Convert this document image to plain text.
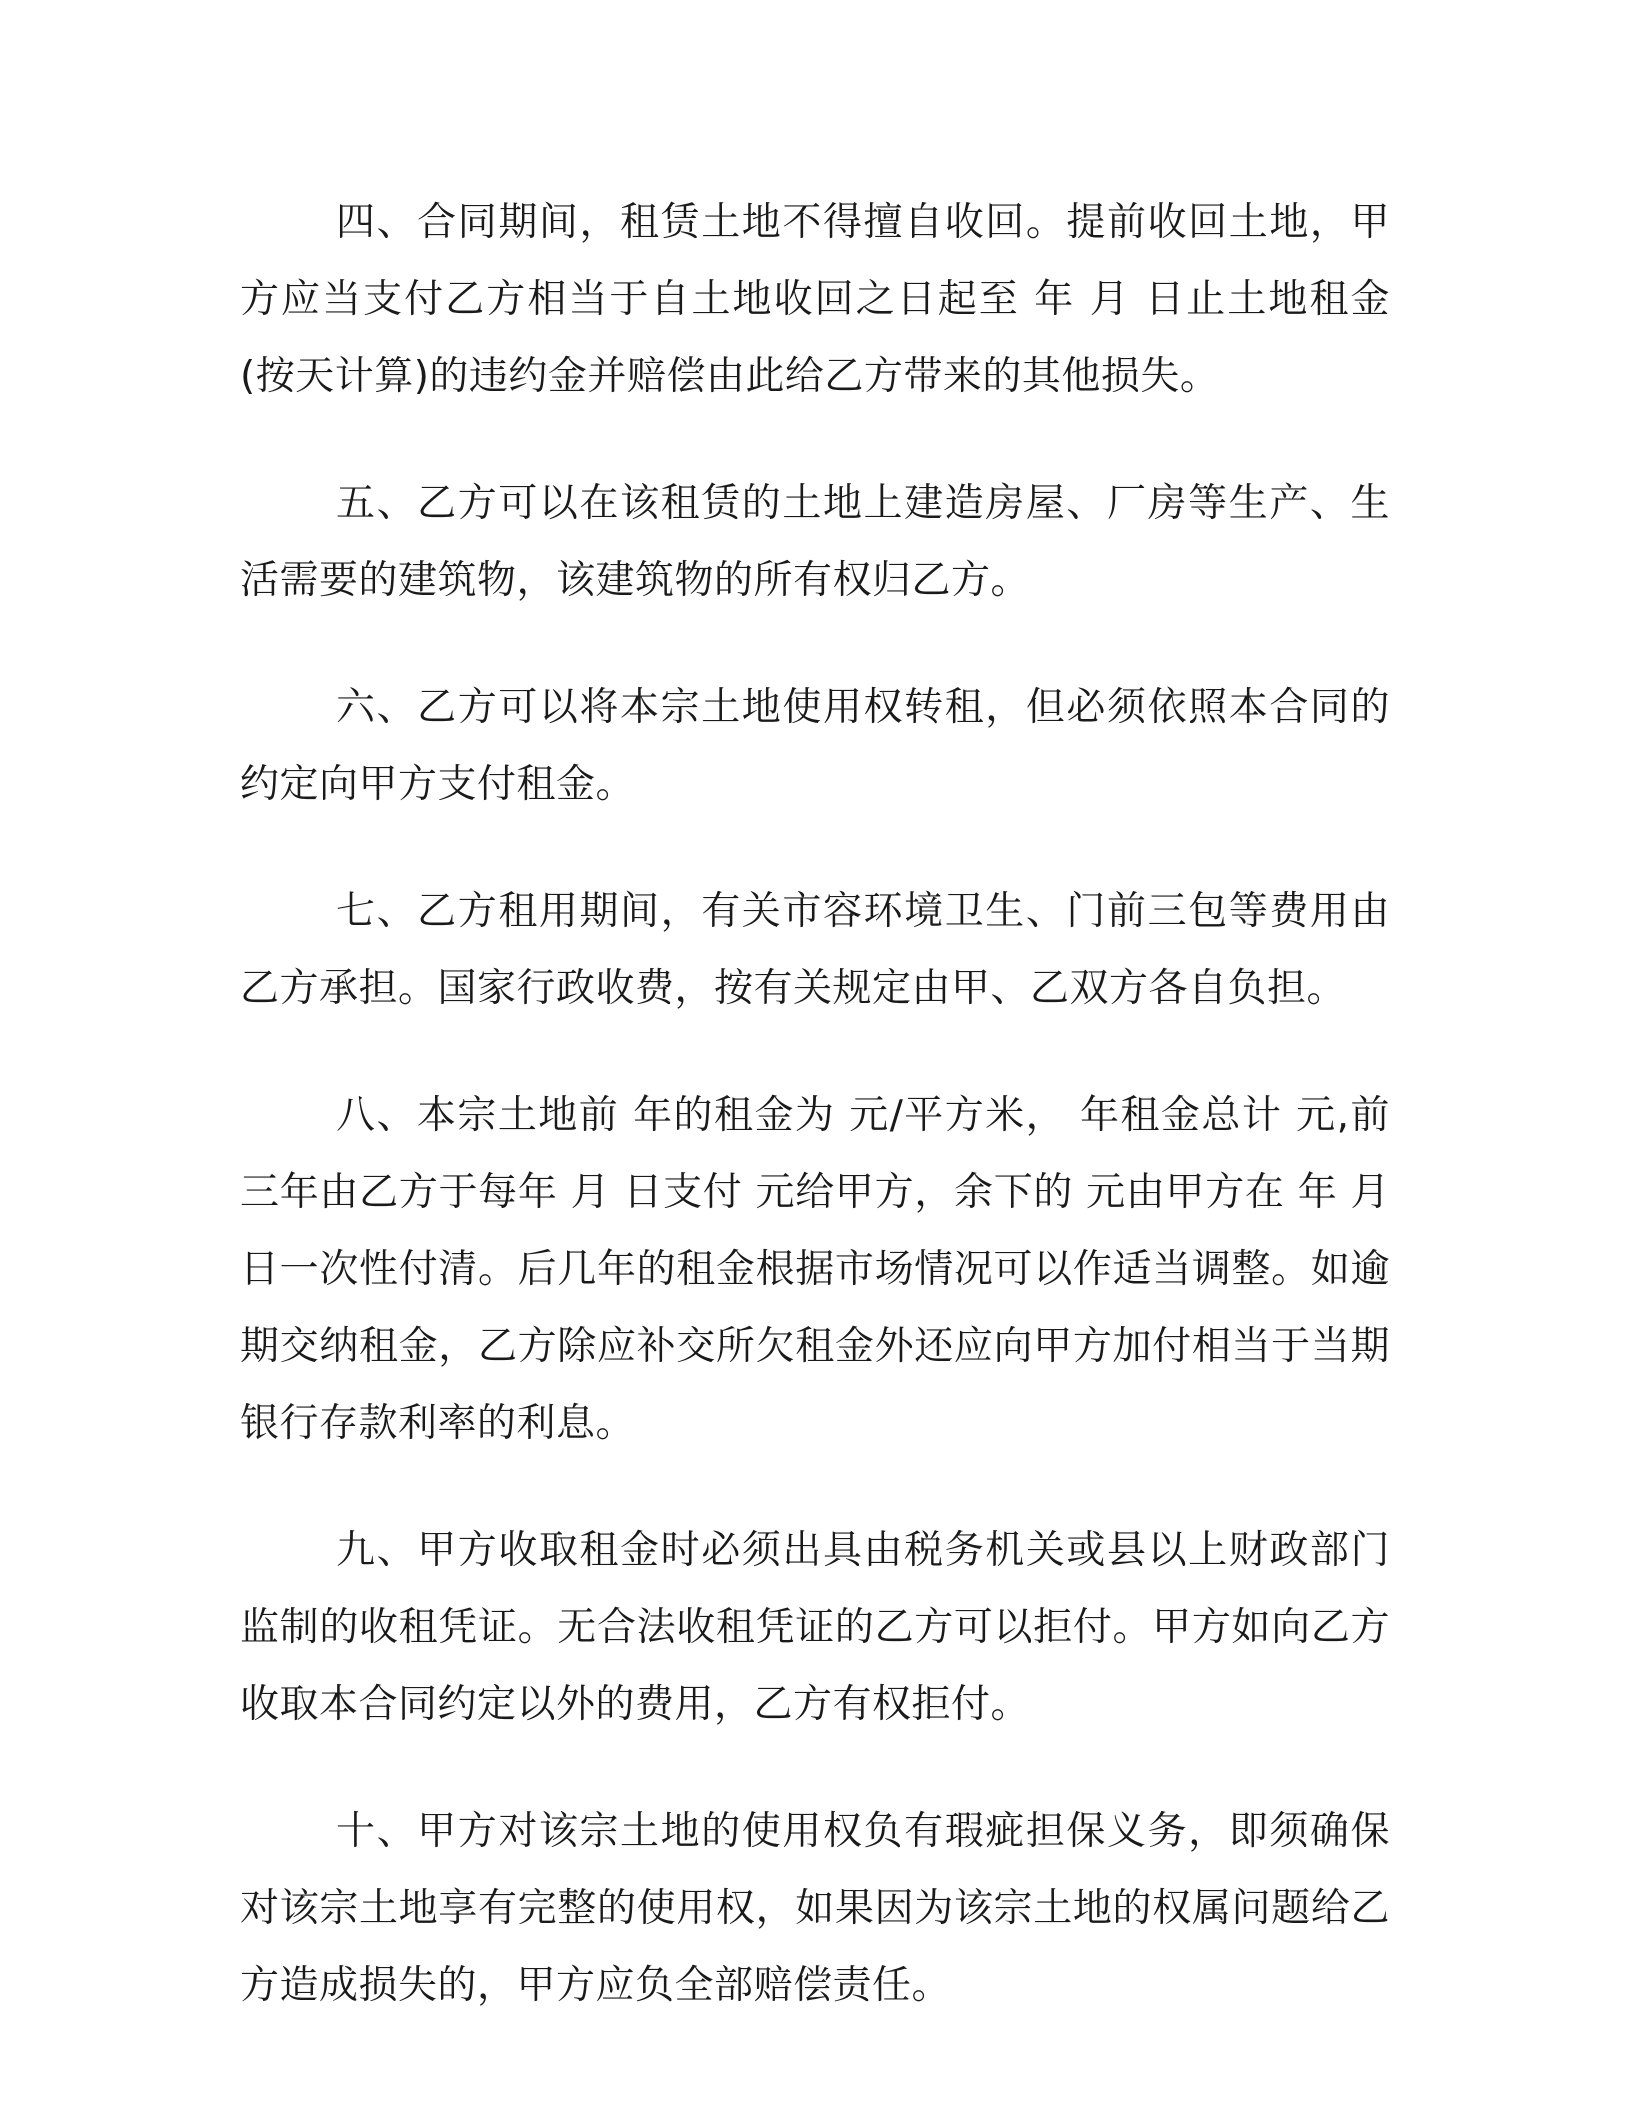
四、合同期间，租赁土地不得擅自收回。提前收回土地，甲方应当支付乙方相当于自土地收回之日起至 年 月 日止土地租金(按天计算)的违约金并赔偿由此给乙方带来的其他损失。

五、乙方可以在该租赁的土地上建造房屋、厂房等生产、生活需要的建筑物，该建筑物的所有权归乙方。

六、乙方可以将本宗土地使用权转租，但必须依照本合同的约定向甲方支付租金。

七、乙方租用期间，有关市容环境卫生、门前三包等费用由乙方承担。国家行政收费，按有关规定由甲、乙双方各自负担。

八、本宗土地前 年的租金为 元/平方米， 年租金总计 元,前三年由乙方于每年 月 日支付 元给甲方，余下的 元由甲方在 年 月 日一次性付清。后几年的租金根据市场情况可以作适当调整。如逾期交纳租金，乙方除应补交所欠租金外还应向甲方加付相当于当期银行存款利率的利息。

九、甲方收取租金时必须出具由税务机关或县以上财政部门监制的收租凭证。无合法收租凭证的乙方可以拒付。甲方如向乙方收取本合同约定以外的费用，乙方有权拒付。

十、甲方对该宗土地的使用权负有瑕疵担保义务，即须确保对该宗土地享有完整的使用权，如果因为该宗土地的权属问题给乙方造成损失的，甲方应负全部赔偿责任。
